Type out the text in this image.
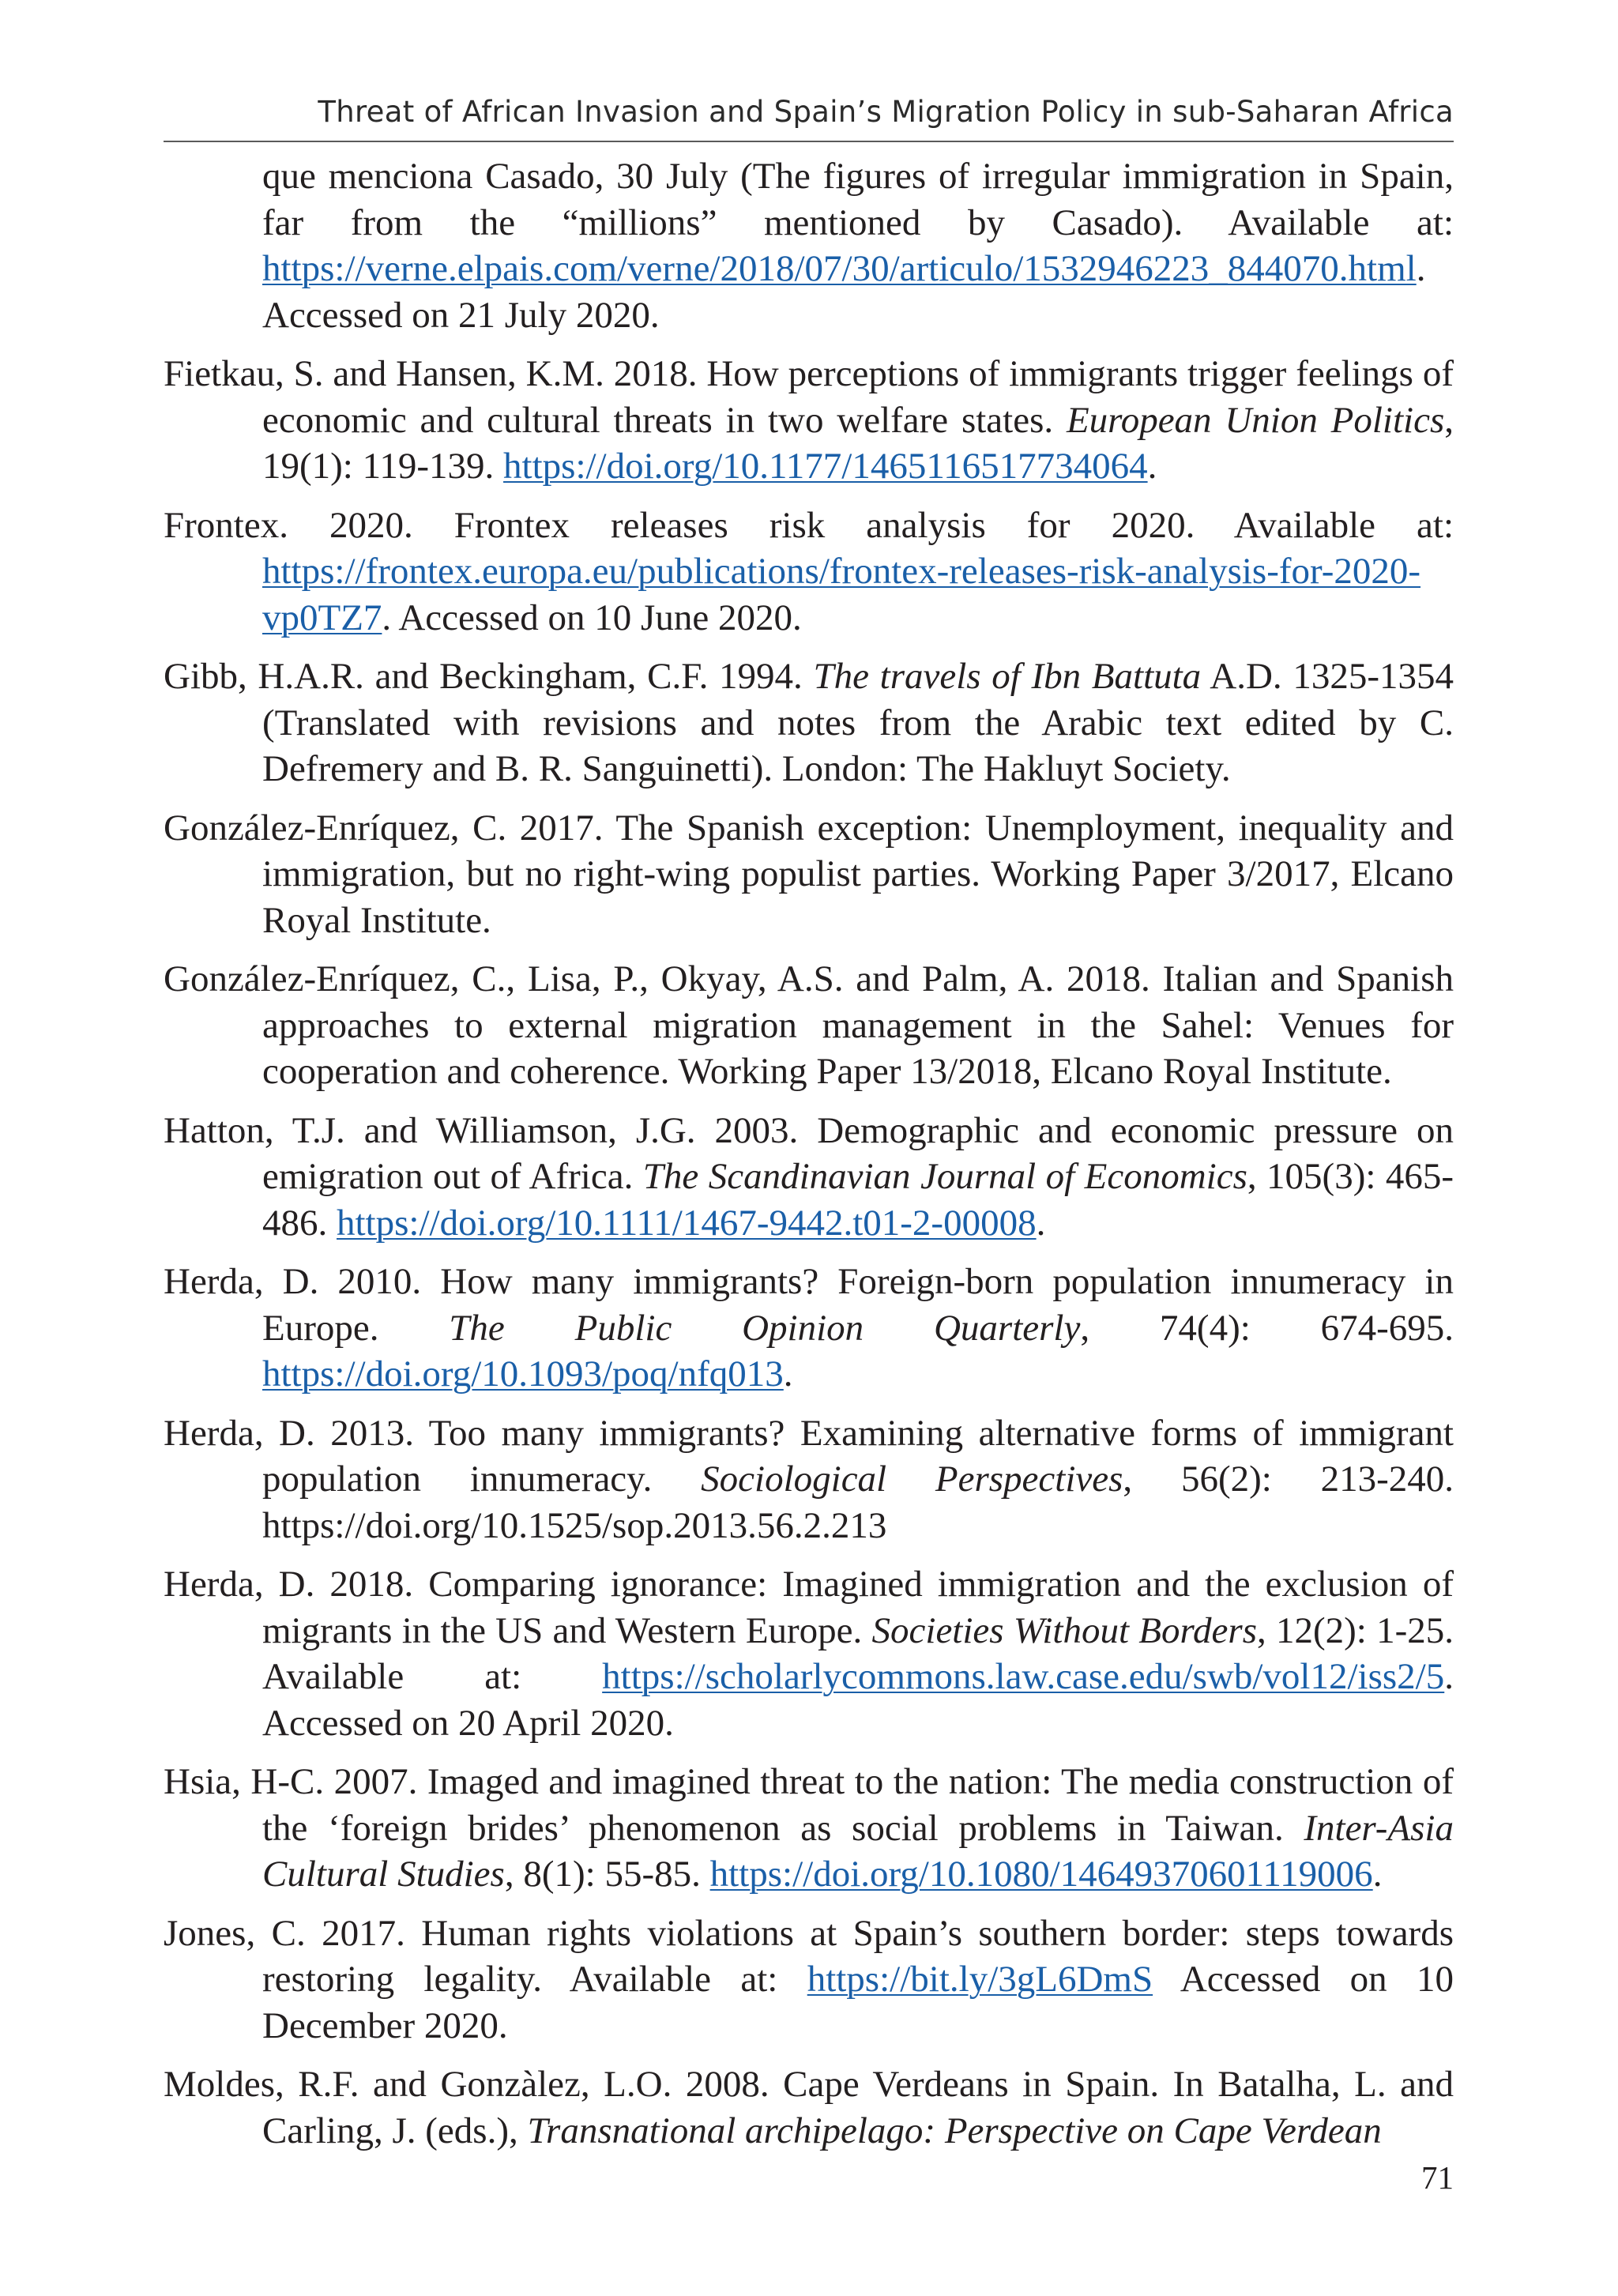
Threat of African Invasion and Spain’s Migration Policy in sub-Saharan Africa

que menciona Casado, 30 July (The figures of irregular immigration in Spain, far from the “millions” mentioned by Casado). Available at: https://verne.elpais.com/verne/2018/07/30/articulo/1532946223_844070.html. Accessed on 21 July 2020.

Fietkau, S. and Hansen, K.M. 2018. How perceptions of immigrants trigger feelings of economic and cultural threats in two welfare states. European Union Politics, 19(1): 119-139. https://doi.org/10.1177/1465116517734064.

Frontex. 2020. Frontex releases risk analysis for 2020. Available at: https://frontex.europa.eu/publications/frontex-releases-risk-analysis-for-2020-vp0TZ7. Accessed on 10 June 2020.

Gibb, H.A.R. and Beckingham, C.F. 1994. The travels of Ibn Battuta A.D. 1325-1354 (Translated with revisions and notes from the Arabic text edited by C. Defremery and B. R. Sanguinetti). London: The Hakluyt Society.

González-Enríquez, C. 2017. The Spanish exception: Unemployment, inequality and immigration, but no right-wing populist parties. Working Paper 3/2017, Elcano Royal Institute.

González-Enríquez, C., Lisa, P., Okyay, A.S. and Palm, A. 2018. Italian and Spanish approaches to external migration management in the Sahel: Venues for cooperation and coherence. Working Paper 13/2018, Elcano Royal Institute.

Hatton, T.J. and Williamson, J.G. 2003. Demographic and economic pressure on emigration out of Africa. The Scandinavian Journal of Economics, 105(3): 465-486. https://doi.org/10.1111/1467-9442.t01-2-00008.

Herda, D. 2010. How many immigrants? Foreign-born population innumeracy in Europe. The Public Opinion Quarterly, 74(4): 674-695. https://doi.org/10.1093/poq/nfq013.

Herda, D. 2013. Too many immigrants? Examining alternative forms of immigrant population innumeracy. Sociological Perspectives, 56(2): 213-240. https://doi.org/10.1525/sop.2013.56.2.213

Herda, D. 2018. Comparing ignorance: Imagined immigration and the exclusion of migrants in the US and Western Europe. Societies Without Borders, 12(2): 1-25. Available at: https://scholarlycommons.law.case.edu/swb/vol12/iss2/5. Accessed on 20 April 2020.

Hsia, H-C. 2007. Imaged and imagined threat to the nation: The media construction of the ‘foreign brides’ phenomenon as social problems in Taiwan. Inter-Asia Cultural Studies, 8(1): 55-85. https://doi.org/10.1080/14649370601119006.

Jones, C. 2017. Human rights violations at Spain’s southern border: steps towards restoring legality. Available at: https://bit.ly/3gL6DmS Accessed on 10 December 2020.

Moldes, R.F. and Gonzàlez, L.O. 2008. Cape Verdeans in Spain. In Batalha, L. and Carling, J. (eds.), Transnational archipelago: Perspective on Cape Verdean

71
